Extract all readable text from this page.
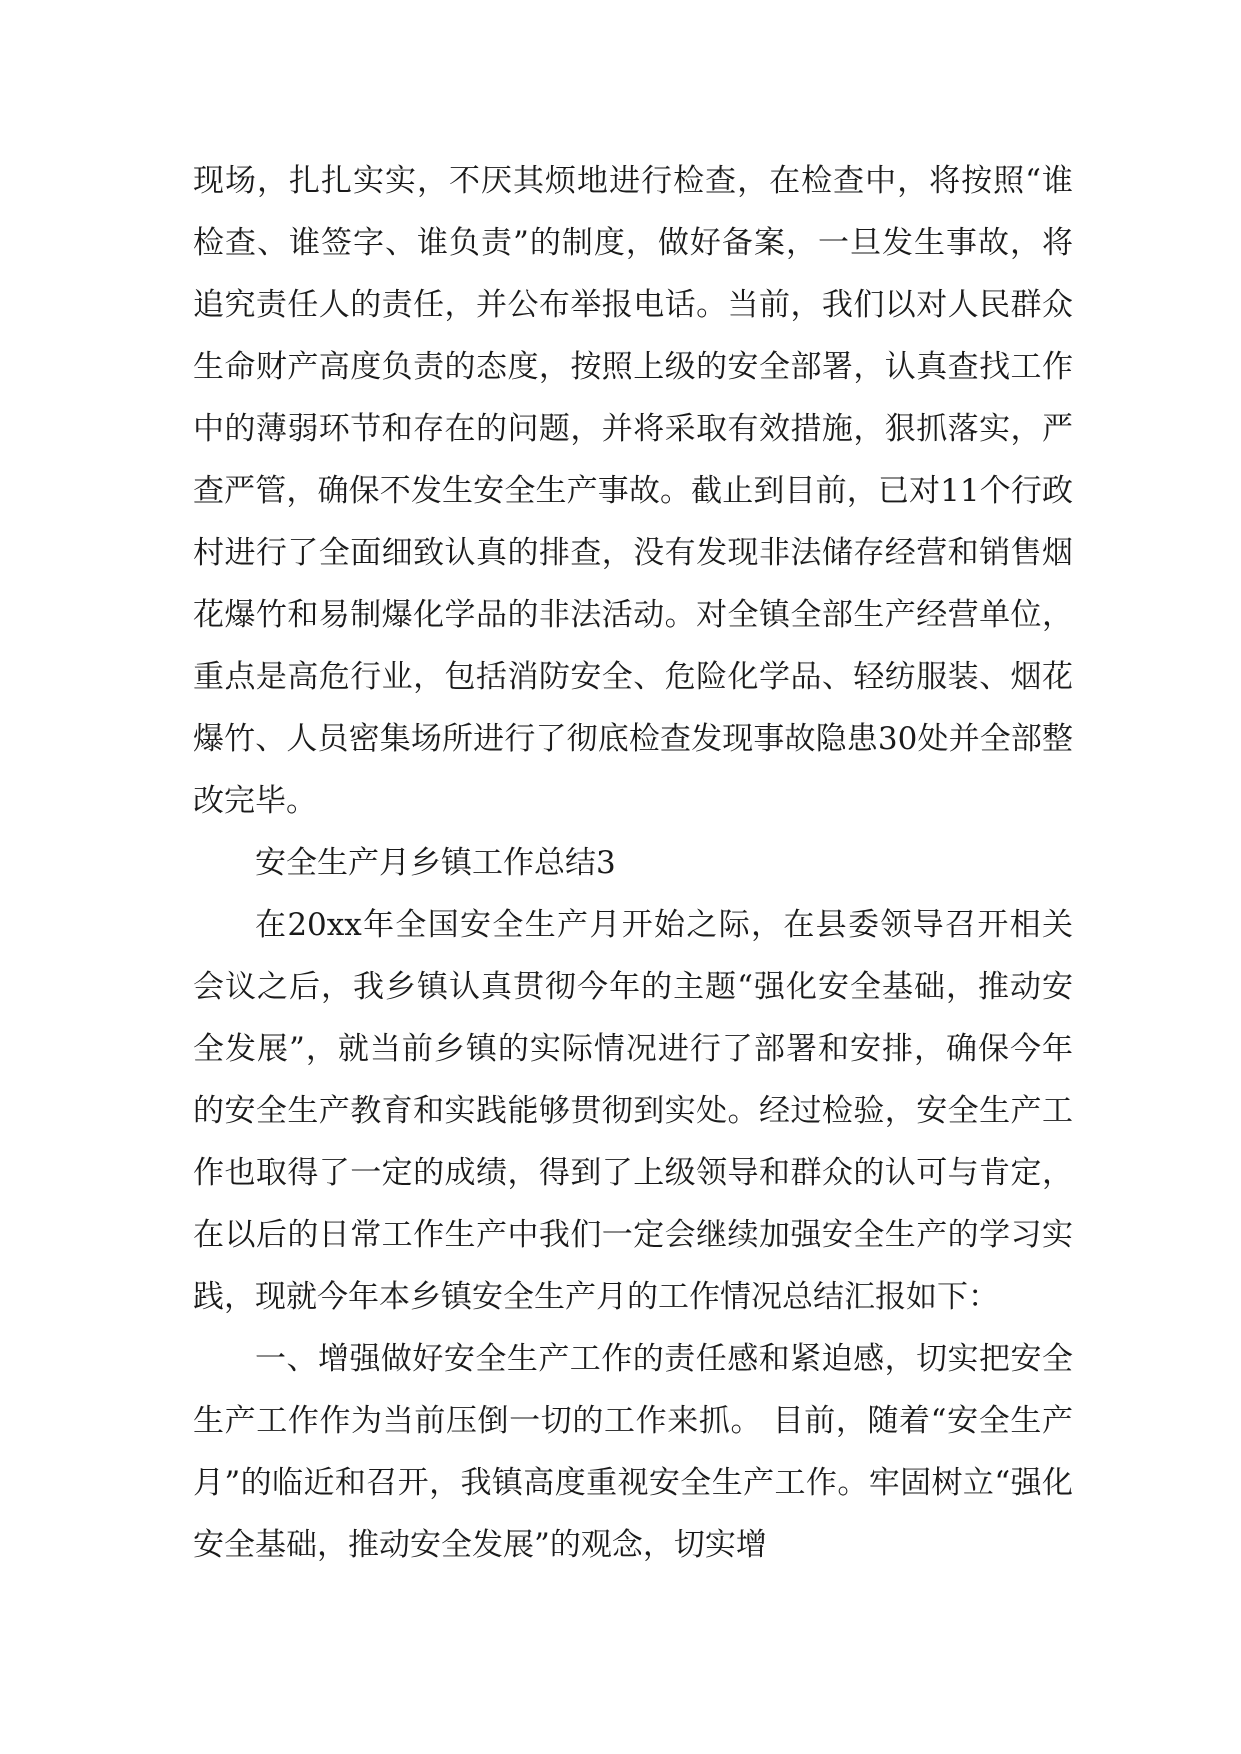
现场，扎扎实实，不厌其烦地进行检查，在检查中，将按照“谁检查、谁签字、谁负责”的制度，做好备案，一旦发生事故，将追究责任人的责任，并公布举报电话。当前，我们以对人民群众生命财产高度负责的态度，按照上级的安全部署，认真查找工作中的薄弱环节和存在的问题，并将采取有效措施，狠抓落实，严查严管，确保不发生安全生产事故。截止到目前，已对11个行政村进行了全面细致认真的排查，没有发现非法储存经营和销售烟花爆竹和易制爆化学品的非法活动。对全镇全部生产经营单位，重点是高危行业，包括消防安全、危险化学品、轻纺服装、烟花爆竹、人员密集场所进行了彻底检查发现事故隐患30处并全部整改完毕。

安全生产月乡镇工作总结3

在20xx年全国安全生产月开始之际，在县委领导召开相关会议之后，我乡镇认真贯彻今年的主题“强化安全基础，推动安全发展”，就当前乡镇的实际情况进行了部署和安排，确保今年的安全生产教育和实践能够贯彻到实处。经过检验，安全生产工作也取得了一定的成绩，得到了上级领导和群众的认可与肯定，在以后的日常工作生产中我们一定会继续加强安全生产的学习实践，现就今年本乡镇安全生产月的工作情况总结汇报如下：

一、增强做好安全生产工作的责任感和紧迫感，切实把安全生产工作作为当前压倒一切的工作来抓。 目前，随着“安全生产月”的临近和召开，我镇高度重视安全生产工作。牢固树立“强化安全基础，推动安全发展”的观念，切实增
